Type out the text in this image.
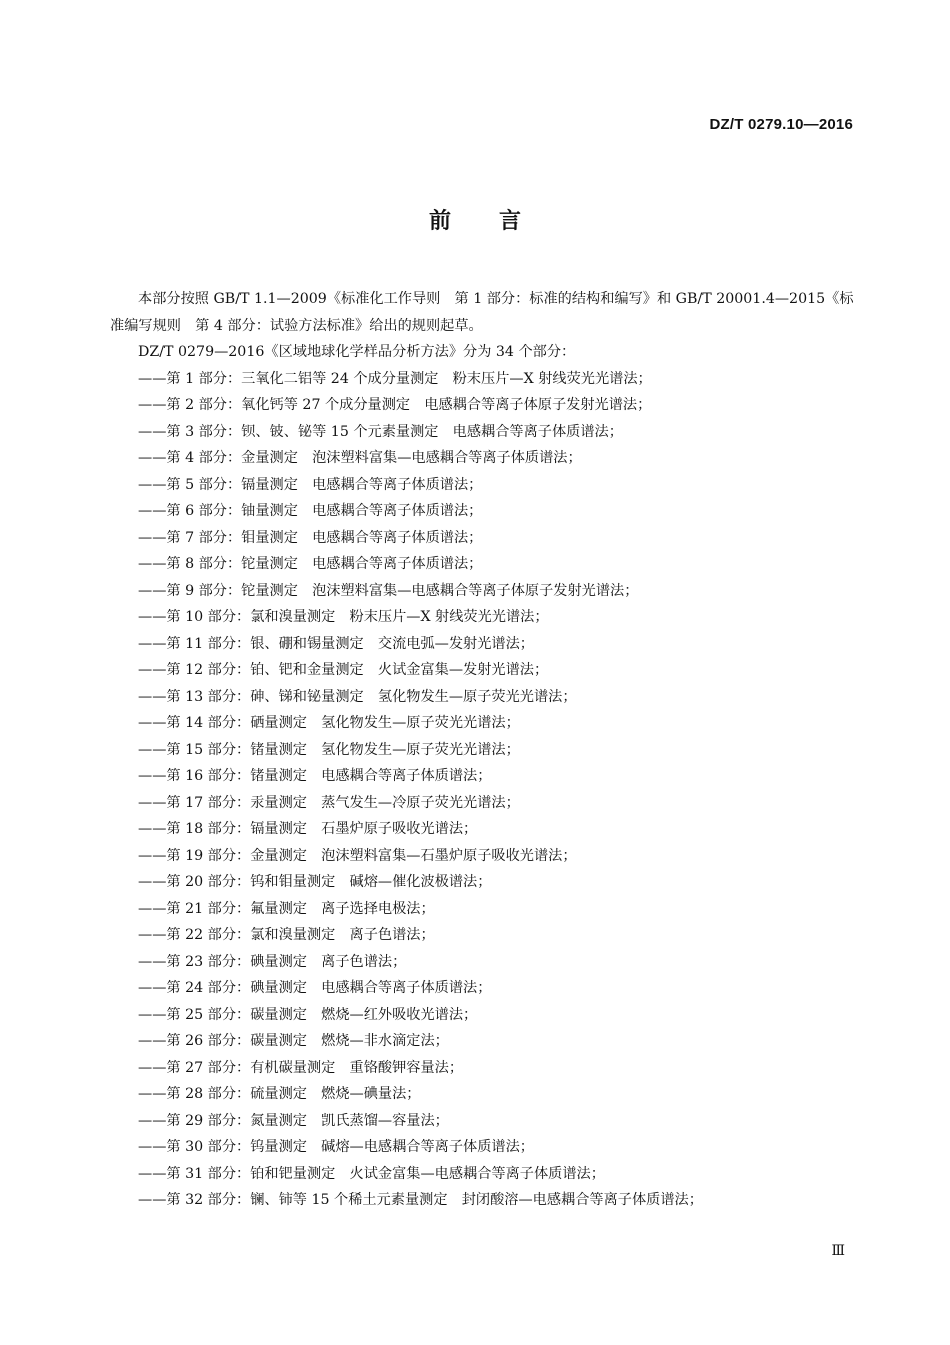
DZ/T 0279.10—2016
前言

本部分按照 GB/T 1.1—2009《标准化工作导则　第 1 部分：标准的结构和编写》和 GB/T 20001.4—2015《标准编写规则　第 4 部分：试验方法标准》给出的规则起草。

DZ/T 0279—2016《区域地球化学样品分析方法》分为 34 个部分：

——第 1 部分：三氧化二铝等 24 个成分量测定　粉末压片—X 射线荧光光谱法；
——第 2 部分：氧化钙等 27 个成分量测定　电感耦合等离子体原子发射光谱法；
——第 3 部分：钡、铍、铋等 15 个元素量测定　电感耦合等离子体质谱法；
——第 4 部分：金量测定　泡沫塑料富集—电感耦合等离子体质谱法；
——第 5 部分：镉量测定　电感耦合等离子体质谱法；
——第 6 部分：铀量测定　电感耦合等离子体质谱法；
——第 7 部分：钼量测定　电感耦合等离子体质谱法；
——第 8 部分：铊量测定　电感耦合等离子体质谱法；
——第 9 部分：铊量测定　泡沫塑料富集—电感耦合等离子体原子发射光谱法；
——第 10 部分：氯和溴量测定　粉末压片—X 射线荧光光谱法；
——第 11 部分：银、硼和锡量测定　交流电弧—发射光谱法；
——第 12 部分：铂、钯和金量测定　火试金富集—发射光谱法；
——第 13 部分：砷、锑和铋量测定　氢化物发生—原子荧光光谱法；
——第 14 部分：硒量测定　氢化物发生—原子荧光光谱法；
——第 15 部分：锗量测定　氢化物发生—原子荧光光谱法；
——第 16 部分：锗量测定　电感耦合等离子体质谱法；
——第 17 部分：汞量测定　蒸气发生—冷原子荧光光谱法；
——第 18 部分：镉量测定　石墨炉原子吸收光谱法；
——第 19 部分：金量测定　泡沫塑料富集—石墨炉原子吸收光谱法；
——第 20 部分：钨和钼量测定　碱熔—催化波极谱法；
——第 21 部分：氟量测定　离子选择电极法；
——第 22 部分：氯和溴量测定　离子色谱法；
——第 23 部分：碘量测定　离子色谱法；
——第 24 部分：碘量测定　电感耦合等离子体质谱法；
——第 25 部分：碳量测定　燃烧—红外吸收光谱法；
——第 26 部分：碳量测定　燃烧—非水滴定法；
——第 27 部分：有机碳量测定　重铬酸钾容量法；
——第 28 部分：硫量测定　燃烧—碘量法；
——第 29 部分：氮量测定　凯氏蒸馏—容量法；
——第 30 部分：钨量测定　碱熔—电感耦合等离子体质谱法；
——第 31 部分：铂和钯量测定　火试金富集—电感耦合等离子体质谱法；
——第 32 部分：镧、铈等 15 个稀土元素量测定　封闭酸溶—电感耦合等离子体质谱法；
Ⅲ
